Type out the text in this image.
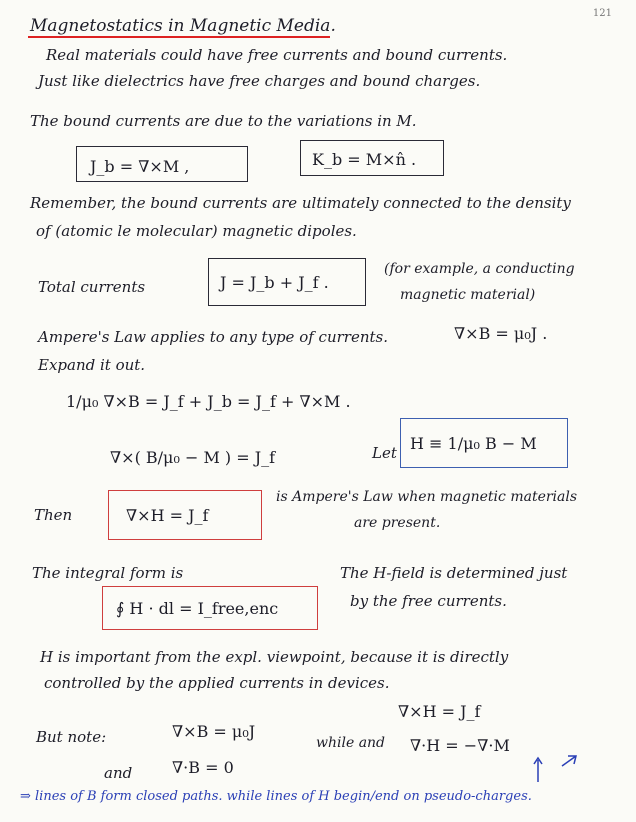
121
Magnetostatics in Magnetic Media.
Real materials could have free currents and bound currents.
Just like dielectrics have free charges and bound charges.
The bound currents are due to the variations in M.
J_b = ∇×M ,	K_b = M×n̂ .
Remember, the bound currents are ultimately connected to the density
of (atomic le molecular) magnetic dipoles.
Total currents	J = J_b + J_f .
(for example, a conducting
magnetic material)
Ampere's Law applies to any type of currents.	∇×B = μ₀J .
Expand it out.
1/μ₀ ∇×B = J_f + J_b = J_f + ∇×M .
∇×( B/μ₀ − M ) = J_f	Let H ≡ 1/μ₀ B − M
Then	∇×H = J_f
is Ampere's Law when magnetic materials
are present.
The integral form is
∮ H · dl = I_free,enc
The H-field is determined just
by the free currents.
H is important from the expl. viewpoint, because it is directly
controlled by the applied currents in devices.
But note:	∇×B = μ₀J
∇×H = J_f
while and ∇·H = −∇·M
and ∇·B = 0
⇒ lines of B form closed paths. while lines of H begin/end on pseudo-charges.
